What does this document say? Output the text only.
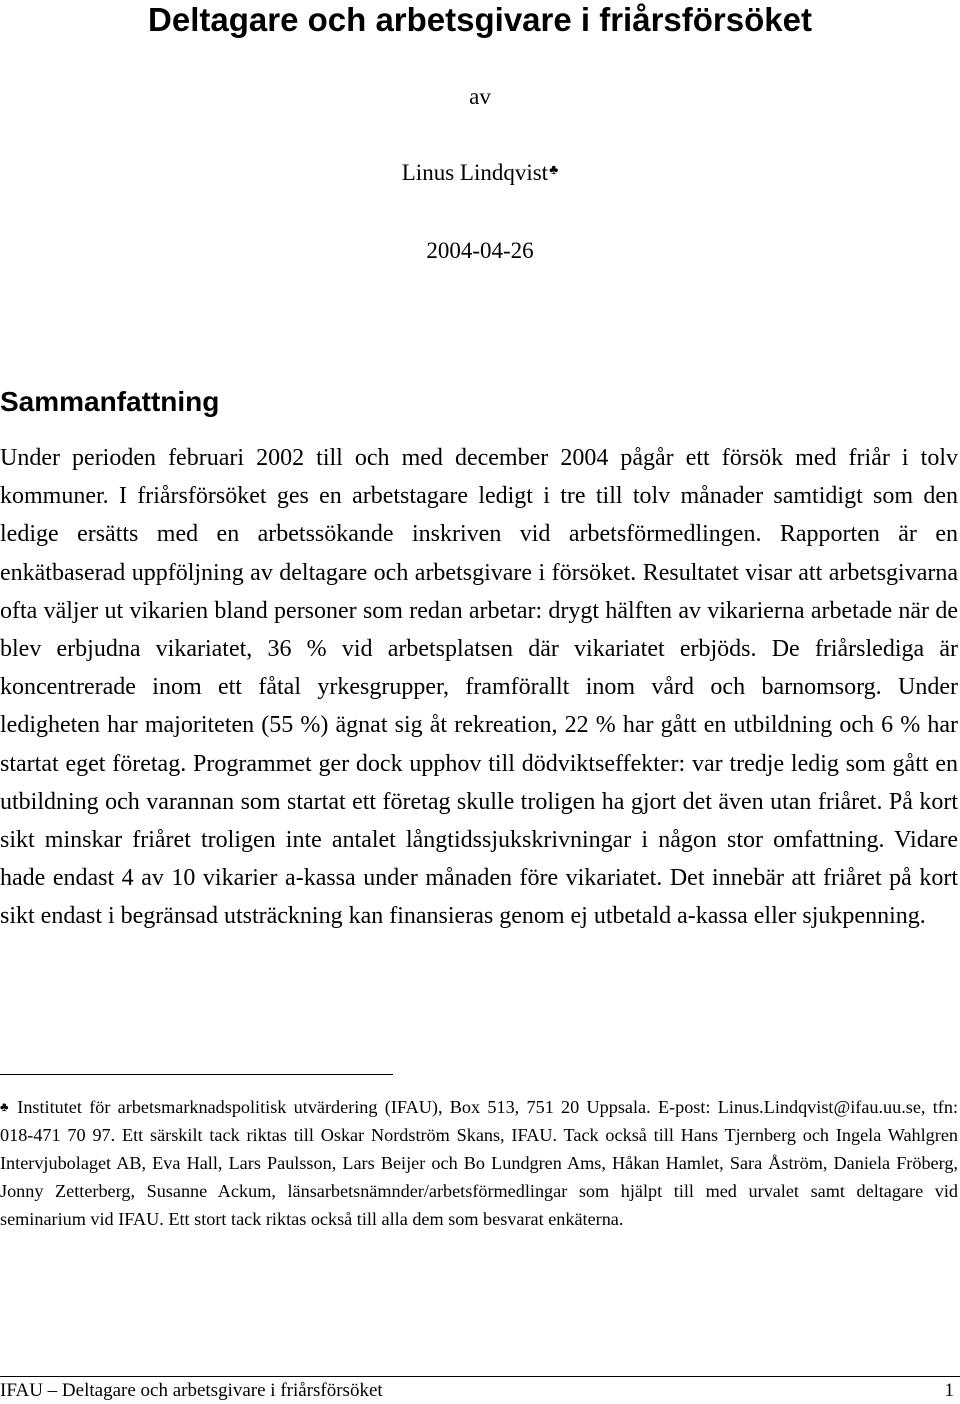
Deltagare och arbetsgivare i friårsförsöket

av

Linus Lindqvist♣

2004-04-26

Sammanfattning

Under perioden februari 2002 till och med december 2004 pågår ett försök med friår i tolv kommuner. I friårsförsöket ges en arbetstagare ledigt i tre till tolv månader samtidigt som den ledige ersätts med en arbetssökande inskriven vid arbetsförmedlingen. Rapporten är en enkätbaserad uppföljning av deltagare och arbetsgivare i försöket. Resultatet visar att arbetsgivarna ofta väljer ut vikarien bland personer som redan arbetar: drygt hälften av vikarierna arbetade när de blev erbjudna vikariatet, 36 % vid arbetsplatsen där vikariatet erbjöds. De friårslediga är koncentrerade inom ett fåtal yrkesgrupper, framförallt inom vård och barnomsorg. Under ledigheten har majoriteten (55 %) ägnat sig åt rekreation, 22 % har gått en utbildning och 6 % har startat eget företag. Programmet ger dock upphov till dödviktseffekter: var tredje ledig som gått en utbildning och varannan som startat ett företag skulle troligen ha gjort det även utan friåret. På kort sikt minskar friåret troligen inte antalet långtidssjukskrivningar i någon stor omfattning. Vidare hade endast 4 av 10 vikarier a-kassa under månaden före vikariatet. Det innebär att friåret på kort sikt endast i begränsad utsträckning kan finansieras genom ej utbetald a-kassa eller sjukpenning.

♣ Institutet för arbetsmarknadspolitisk utvärdering (IFAU), Box 513, 751 20 Uppsala. E-post: Linus.Lindqvist@ifau.uu.se, tfn: 018-471 70 97. Ett särskilt tack riktas till Oskar Nordström Skans, IFAU. Tack också till Hans Tjernberg och Ingela Wahlgren Intervjubolaget AB, Eva Hall, Lars Paulsson, Lars Beijer och Bo Lundgren Ams, Håkan Hamlet, Sara Åström, Daniela Fröberg, Jonny Zetterberg, Susanne Ackum, länsarbetsnämnder/arbetsförmedlingar som hjälpt till med urvalet samt deltagare vid seminarium vid IFAU. Ett stort tack riktas också till alla dem som besvarat enkäterna.

IFAU – Deltagare och arbetsgivare i friårsförsöket	1
